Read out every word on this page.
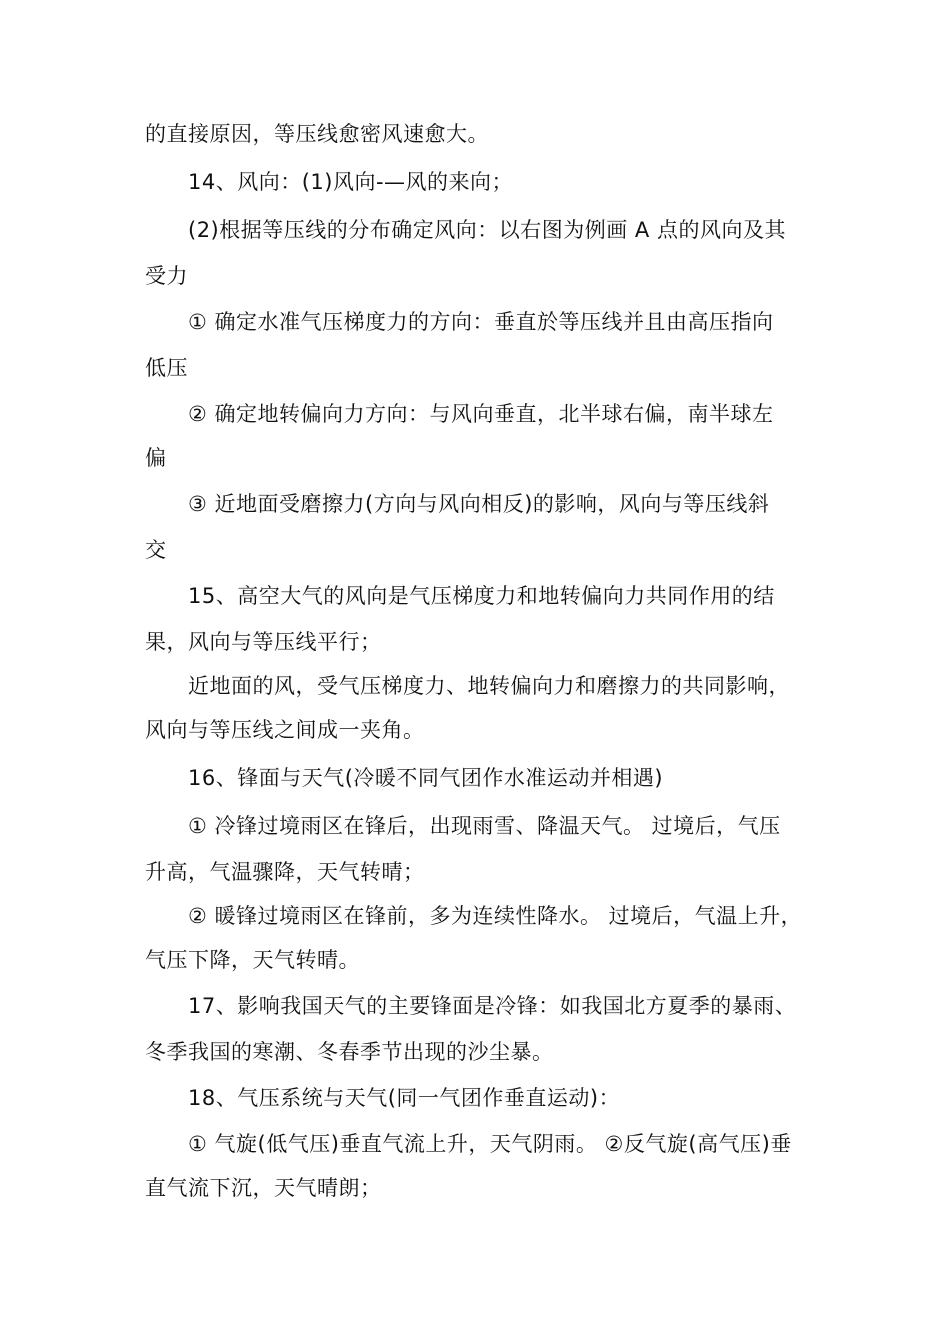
的直接原因，等压线愈密风速愈大。
14、风向：(1)风向-—风的来向；
(2)根据等压线的分布确定风向：以右图为例画 A 点的风向及其
受力
① 确定水准气压梯度力的方向：垂直於等压线并且由高压指向
低压
② 确定地转偏向力方向：与风向垂直，北半球右偏，南半球左
偏
③ 近地面受磨擦力(方向与风向相反)的影响，风向与等压线斜
交
15、高空大气的风向是气压梯度力和地转偏向力共同作用的结
果，风向与等压线平行；
近地面的风，受气压梯度力、地转偏向力和磨擦力的共同影响，
风向与等压线之间成一夹角。
16、锋面与天气(冷暖不同气团作水准运动并相遇)
① 冷锋过境雨区在锋后，出现雨雪、降温天气。 过境后，气压
升高，气温骤降，天气转晴；
② 暖锋过境雨区在锋前，多为连续性降水。 过境后，气温上升，
气压下降，天气转晴。
17、影响我国天气的主要锋面是冷锋：如我国北方夏季的暴雨、
冬季我国的寒潮、冬春季节出现的沙尘暴。
18、气压系统与天气(同一气团作垂直运动)：
① 气旋(低气压)垂直气流上升，天气阴雨。 ②反气旋(高气压)垂
直气流下沉，天气晴朗；
